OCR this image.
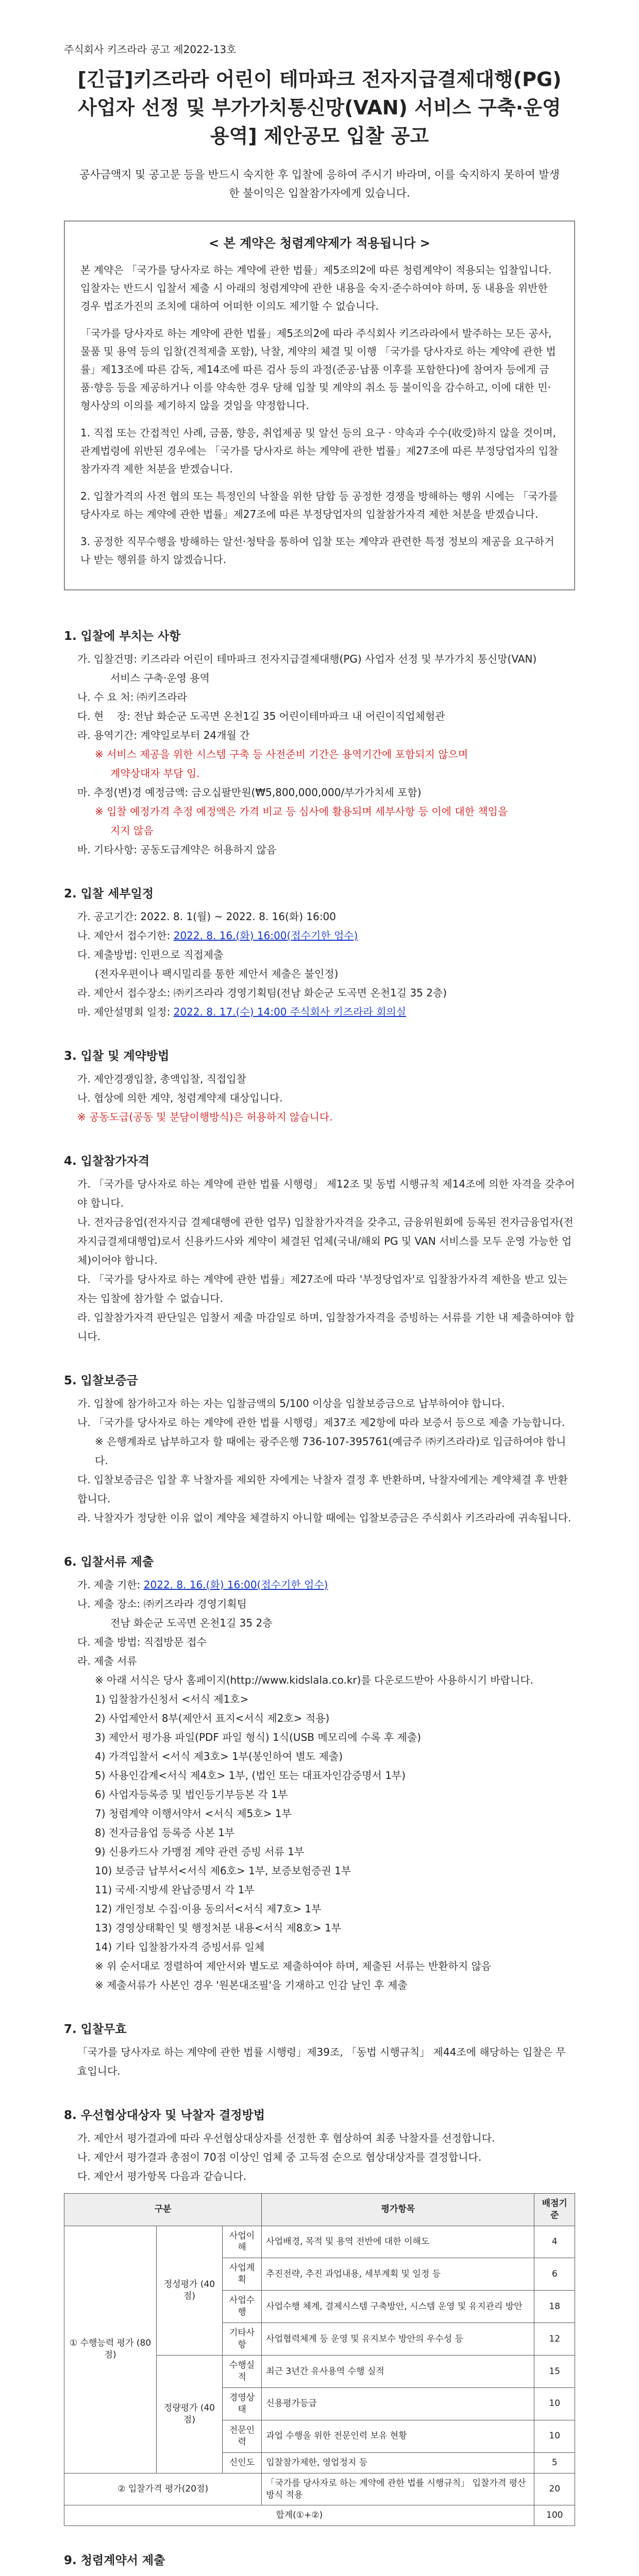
주식회사 키즈라라 공고 제2022-13호
[긴급]키즈라라 어린이 테마파크 전자지급결제대행(PG)
사업자 선정 및 부가가치통신망(VAN) 서비스 구축·운영
용역] 제안공모 입찰 공고
공사금액지 및 공고문 등을 반드시 숙지한 후 입찰에 응하여 주시기 바라며, 이를 숙지하지 못하여 발생한 불이익은 입찰참가자에게 있습니다.
< 본 계약은 청렴계약제가 적용됩니다 >

본 계약은 「국가를 당사자로 하는 계약에 관한 법률」제5조의2에 따른 청렴계약이 적용되는 입찰입니다. 입찰자는 반드시 입찰서 제출 시 아래의 청렴계약에 관한 내용을 숙지·준수하여야 하며, 동 내용을 위반한 경우 법조가진의 조치에 대하여 어떠한 이의도 제기할 수 없습니다.

「국가를 당사자로 하는 계약에 관한 법률」제5조의2에 따라 주식회사 키즈라라에서 발주하는 모든 공사, 물품 및 용역 등의 입찰(견적제출 포함), 낙찰, 계약의 체결 및 이행 「국가를 당사자로 하는 계약에 관한 법률」제13조에 따른 감독, 제14조에 따른 검사 등의 과정(준공·납품 이후를 포함한다)에 참여자 등에게 금품·향응 등을 제공하거나 이를 약속한 경우 당해 입찰 및 계약의 취소 등 불이익을 감수하고, 이에 대한 민·형사상의 이의를 제기하지 않을 것임을 약정합니다.

1. 직접 또는 간접적인 사례, 금품, 향응, 취업제공 및 알선 등의 요구 · 약속과 수수(收受)하지 않을 것이며, 관계법령에 위반된 경우에는 「국가를 당사자로 하는 계약에 관한 법률」제27조에 따른 부정당업자의 입찰참가자격 제한 처분을 받겠습니다.

2. 입찰가격의 사전 협의 또는 특정인의 낙찰을 위한 담합 등 공정한 경쟁을 방해하는 행위 시에는 「국가를 당사자로 하는 계약에 관한 법률」제27조에 따른 부정당업자의 입찰참가자격 제한 처분을 받겠습니다.

3. 공정한 직무수행을 방해하는 알선·청탁을 통하여 입찰 또는 계약과 관련한 특정 정보의 제공을 요구하거나 받는 행위를 하지 않겠습니다.

1. 입찰에 부치는 사항
가. 입찰건명: 키즈라라 어린이 테마파크 전자지급결제대행(PG) 사업자 선정 및 부가가치 통신망(VAN)
서비스 구축·운영 용역
나. 수 요 처: ㈜키즈라라
다. 현    장: 전남 화순군 도곡면 온천1길 35 어린이테마파크 내 어린이직업체험관
라. 용역기간: 계약일로부터 24개월 간
※ 서비스 제공을 위한 시스템 구축 등 사전준비 기간은 용역기간에 포함되지 않으며
계약상대자 부담 임.
마. 추정(변)경 예정금액: 금오십팔만원(₩5,800,000,000/부가가치세 포함)
※ 입찰 예정가격 추정 예정액은 가격 비교 등 심사에 활용되며 세부사항 등 이에 대한 책임을
지지 않음
바. 기타사항: 공동도급계약은 허용하지 않음
2. 입찰 세부일정
가. 공고기간: 2022. 8. 1(월) ~ 2022. 8. 16(화) 16:00
나. 제안서 접수기한: 2022. 8. 16.(화) 16:00(접수기한 엄수)
다. 제출방법: 인편으로 직접제출
(전자우편이나 팩시밀리를 통한 제안서 제출은 불인정)
라. 제안서 접수장소: ㈜키즈라라 경영기획팀(전남 화순군 도곡면 온천1길 35 2층)
마. 제안설명회 일정: 2022. 8. 17.(수) 14:00 주식회사 키즈라라 회의실
3. 입찰 및 계약방법
가. 제안경쟁입찰, 총액입찰, 직접입찰
나. 협상에 의한 계약, 청렴계약제 대상입니다.
※ 공동도급(공동 및 분담이행방식)은 허용하지 않습니다.
4. 입찰참가자격
가. 「국가를 당사자로 하는 계약에 관한 법률 시행령」 제12조 및 동법 시행규칙 제14조에 의한 자격을 갖추어야 합니다.
나. 전자금융업(전자지급 결제대행에 관한 업무) 입찰참가자격을 갖추고, 금융위원회에 등록된 전자금융업자(전자지급결제대행업)로서 신용카드사와 계약이 체결된 업체(국내/해외 PG 및 VAN 서비스를 모두 운영 가능한 업체)이어야 합니다.
다. 「국가를 당사자로 하는 계약에 관한 법률」제27조에 따라 '부정당업자'로 입찰참가자격 제한을 받고 있는 자는 입찰에 참가할 수 없습니다.
라. 입찰참가자격 판단일은 입찰서 제출 마감일로 하며, 입찰참가자격을 증빙하는 서류를 기한 내 제출하여야 합니다.
5. 입찰보증금
가. 입찰에 참가하고자 하는 자는 입찰금액의 5/100 이상을 입찰보증금으로 납부하여야 합니다.
나. 「국가를 당사자로 하는 계약에 관한 법률 시행령」제37조 제2항에 따라 보증서 등으로 제출 가능합니다.
※ 은행계좌로 납부하고자 할 때에는 광주은행 736-107-395761(예금주 ㈜키즈라라)로 입금하여야 합니다.
다. 입찰보증금은 입찰 후 낙찰자를 제외한 자에게는 낙찰자 결정 후 반환하며, 낙찰자에게는 계약체결 후 반환합니다.
라. 낙찰자가 정당한 이유 없이 계약을 체결하지 아니할 때에는 입찰보증금은 주식회사 키즈라라에 귀속됩니다.
6. 입찰서류 제출
가. 제출 기한: 2022. 8. 16.(화) 16:00(접수기한 엄수)
나. 제출 장소: ㈜키즈라라 경영기획팀
전남 화순군 도곡면 온천1길 35 2층
다. 제출 방법: 직접방문 접수
라. 제출 서류
※ 아래 서식은 당사 홈페이지(http://www.kidslala.co.kr)를 다운로드받아 사용하시기 바랍니다.
1) 입찰참가신청서 <서식 제1호>
2) 사업제안서 8부(제안서 표지<서식 제2호> 적용)
3) 제안서 평가용 파일(PDF 파일 형식) 1식(USB 메모리에 수록 후 제출)
4) 가격입찰서 <서식 제3호> 1부(봉인하여 별도 제출)
5) 사용인감계<서식 제4호> 1부, (법인 또는 대표자인감증명서 1부)
6) 사업자등록증 및 법인등기부등본 각 1부
7) 청렴계약 이행서약서 <서식 제5호> 1부
8) 전자금융업 등록증 사본 1부
9) 신용카드사 가맹점 계약 관련 증빙 서류 1부
10) 보증금 납부서<서식 제6호> 1부, 보증보험증권 1부
11) 국세·지방세 완납증명서 각 1부
12) 개인정보 수집·이용 동의서<서식 제7호> 1부
13) 경영상태확인 및 행정처분 내용<서식 제8호> 1부
14) 기타 입찰참가자격 증빙서류 일체
※ 위 순서대로 정렬하여 제안서와 별도로 제출하여야 하며, 제출된 서류는 반환하지 않음
※ 제출서류가 사본인 경우 '원본대조필'을 기재하고 인감 날인 후 제출
7. 입찰무효
「국가를 당사자로 하는 계약에 관한 법률 시행령」제39조, 「동법 시행규칙」 제44조에 해당하는 입찰은 무효입니다.
8. 우선협상대상자 및 낙찰자 결정방법
가. 제안서 평가결과에 따라 우선협상대상자를 선정한 후 협상하여 최종 낙찰자를 선정합니다.
나. 제안서 평가결과 총점이 70점 이상인 업체 중 고득점 순으로 협상대상자를 결정합니다.
다. 제안서 평가항목 다음과 같습니다.
구분			평가항목	배점기준
① 수행능력 평가 (80점)	정성평가 (40점)	사업이해	사업배경, 목적 및 용역 전반에 대한 이해도	4
		사업계획	추진전략, 추진 과업내용, 세부계획 및 일정 등	6
		사업수행	사업수행 체계, 결제시스템 구축방안, 시스템 운영 및 유지관리 방안	18
		기타사항	사업협력체계 등 운영 및 유지보수 방안의 우수성 등	12
	정량평가 (40점)	수행실적	최근 3년간 유사용역 수행 실적	15
		경영상태	신용평가등급	10
		전문인력	과업 수행을 위한 전문인력 보유 현황	10
		신인도	입찰참가제한, 영업정지 등	5
② 입찰가격 평가(20점)			「국가를 당사자로 하는 계약에 관한 법률 시행규칙」 입찰가격 평산 방식 적용	20
합계(①+②)				100
9. 청렴계약서 제출
